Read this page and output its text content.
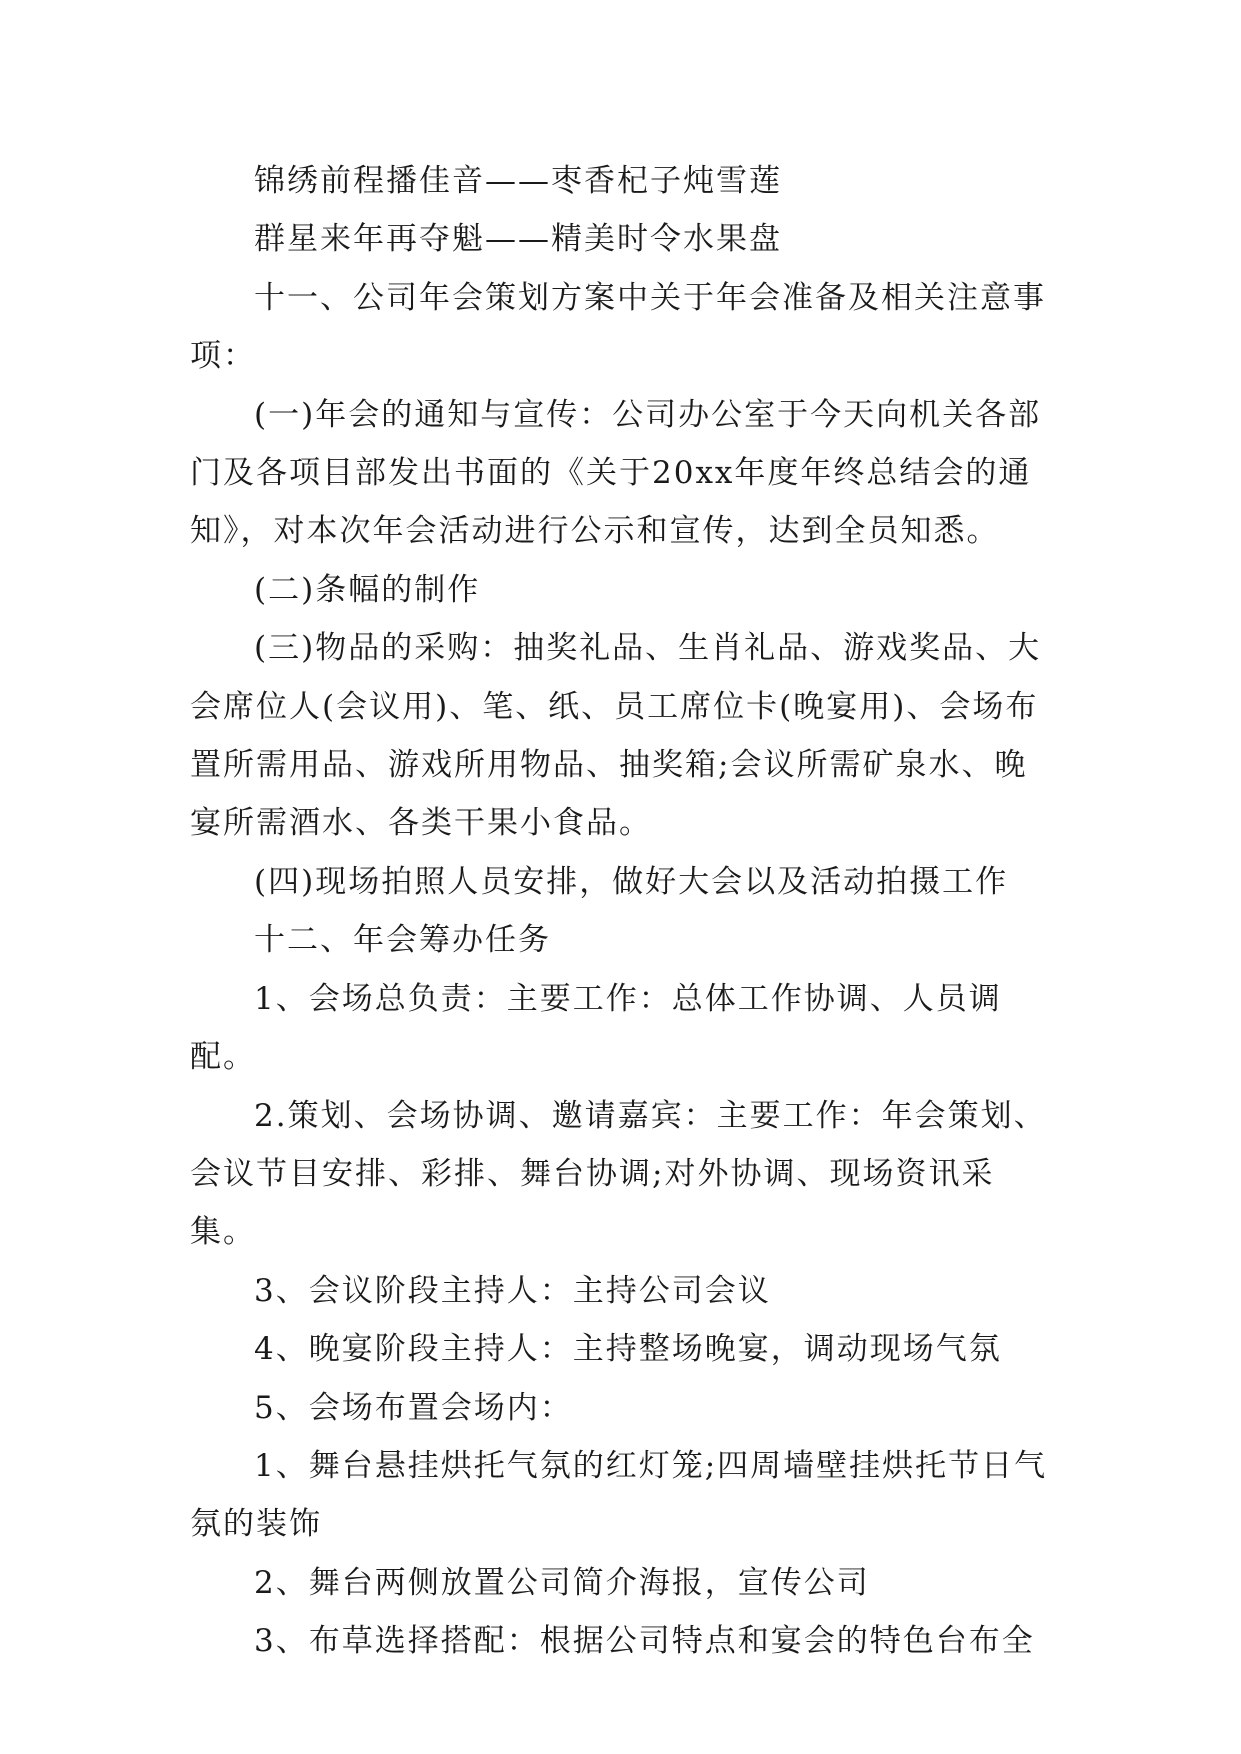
锦绣前程播佳音——枣香杞子炖雪莲

群星来年再夺魁——精美时令水果盘

十一、公司年会策划方案中关于年会准备及相关注意事项：

(一)年会的通知与宣传：公司办公室于今天向机关各部门及各项目部发出书面的《关于20xx年度年终总结会的通知》，对本次年会活动进行公示和宣传，达到全员知悉。

(二)条幅的制作

(三)物品的采购：抽奖礼品、生肖礼品、游戏奖品、大会席位人(会议用)、笔、纸、员工席位卡(晚宴用)、会场布置所需用品、游戏所用物品、抽奖箱;会议所需矿泉水、晚宴所需酒水、各类干果小食品。

(四)现场拍照人员安排，做好大会以及活动拍摄工作

十二、年会筹办任务

1、会场总负责：主要工作：总体工作协调、人员调配。

2.策划、会场协调、邀请嘉宾：主要工作：年会策划、会议节目安排、彩排、舞台协调;对外协调、现场资讯采集。

3、会议阶段主持人：主持公司会议

4、晚宴阶段主持人：主持整场晚宴，调动现场气氛

5、会场布置会场内：

1、舞台悬挂烘托气氛的红灯笼;四周墙壁挂烘托节日气氛的装饰

2、舞台两侧放置公司简介海报，宣传公司

3、布草选择搭配：根据公司特点和宴会的特色台布全
